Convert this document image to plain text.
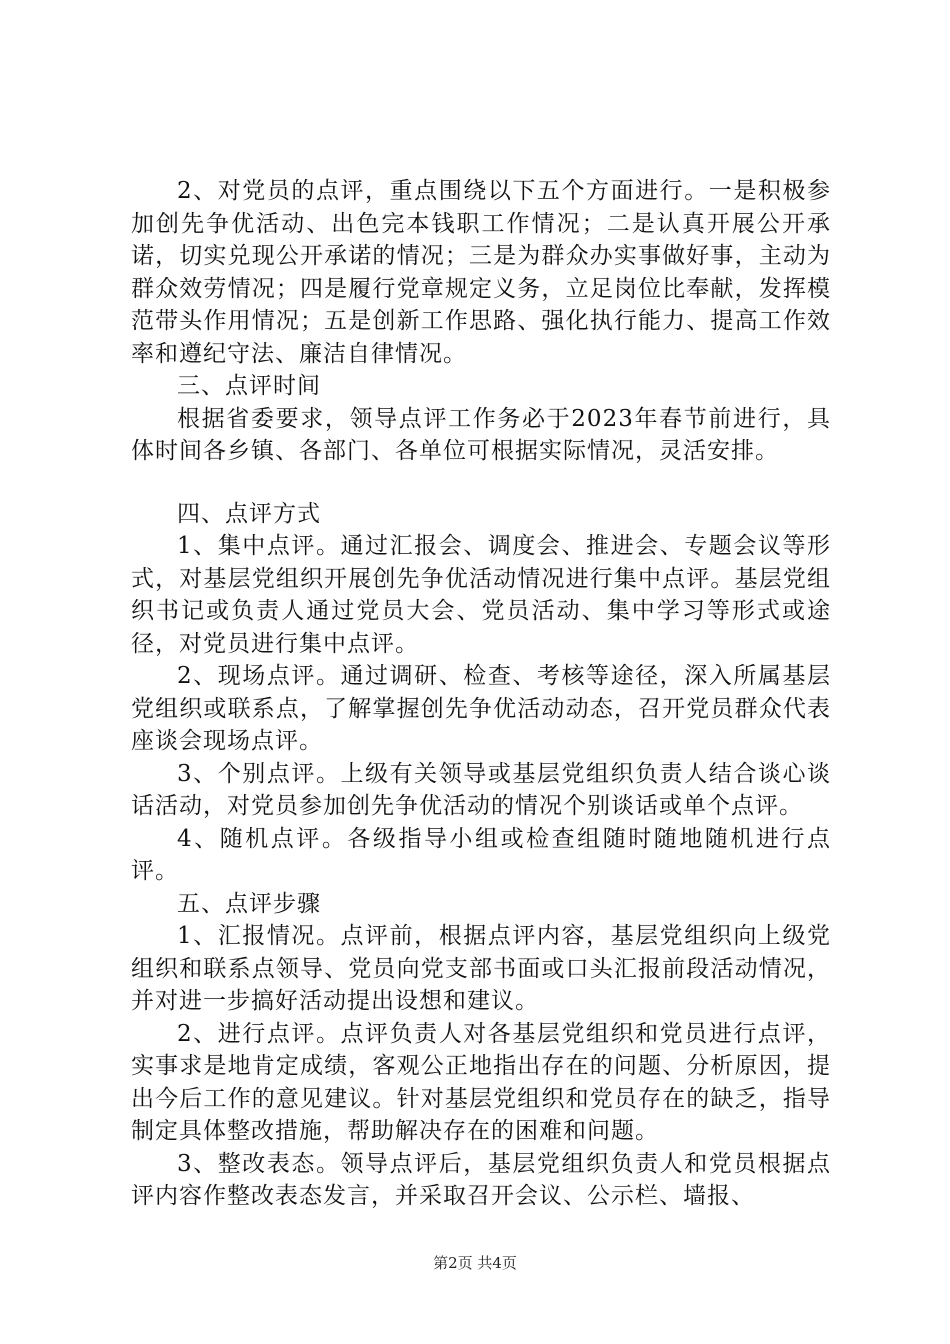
2、对党员的点评，重点围绕以下五个方面进行。一是积极参加创先争优活动、出色完本钱职工作情况；二是认真开展公开承诺，切实兑现公开承诺的情况；三是为群众办实事做好事，主动为群众效劳情况；四是履行党章规定义务，立足岗位比奉献，发挥模范带头作用情况；五是创新工作思路、强化执行能力、提高工作效率和遵纪守法、廉洁自律情况。

三、点评时间

根据省委要求，领导点评工作务必于2023年春节前进行，具体时间各乡镇、各部门、各单位可根据实际情况，灵活安排。

四、点评方式

1、集中点评。通过汇报会、调度会、推进会、专题会议等形式，对基层党组织开展创先争优活动情况进行集中点评。基层党组织书记或负责人通过党员大会、党员活动、集中学习等形式或途径，对党员进行集中点评。

2、现场点评。通过调研、检查、考核等途径，深入所属基层党组织或联系点，了解掌握创先争优活动动态，召开党员群众代表座谈会现场点评。

3、个别点评。上级有关领导或基层党组织负责人结合谈心谈话活动，对党员参加创先争优活动的情况个别谈话或单个点评。

4、随机点评。各级指导小组或检查组随时随地随机进行点评。

五、点评步骤

1、汇报情况。点评前，根据点评内容，基层党组织向上级党组织和联系点领导、党员向党支部书面或口头汇报前段活动情况，并对进一步搞好活动提出设想和建议。

2、进行点评。点评负责人对各基层党组织和党员进行点评，实事求是地肯定成绩，客观公正地指出存在的问题、分析原因，提出今后工作的意见建议。针对基层党组织和党员存在的缺乏，指导制定具体整改措施，帮助解决存在的困难和问题。

3、整改表态。领导点评后，基层党组织负责人和党员根据点评内容作整改表态发言，并采取召开会议、公示栏、墙报、

第2页 共4页
